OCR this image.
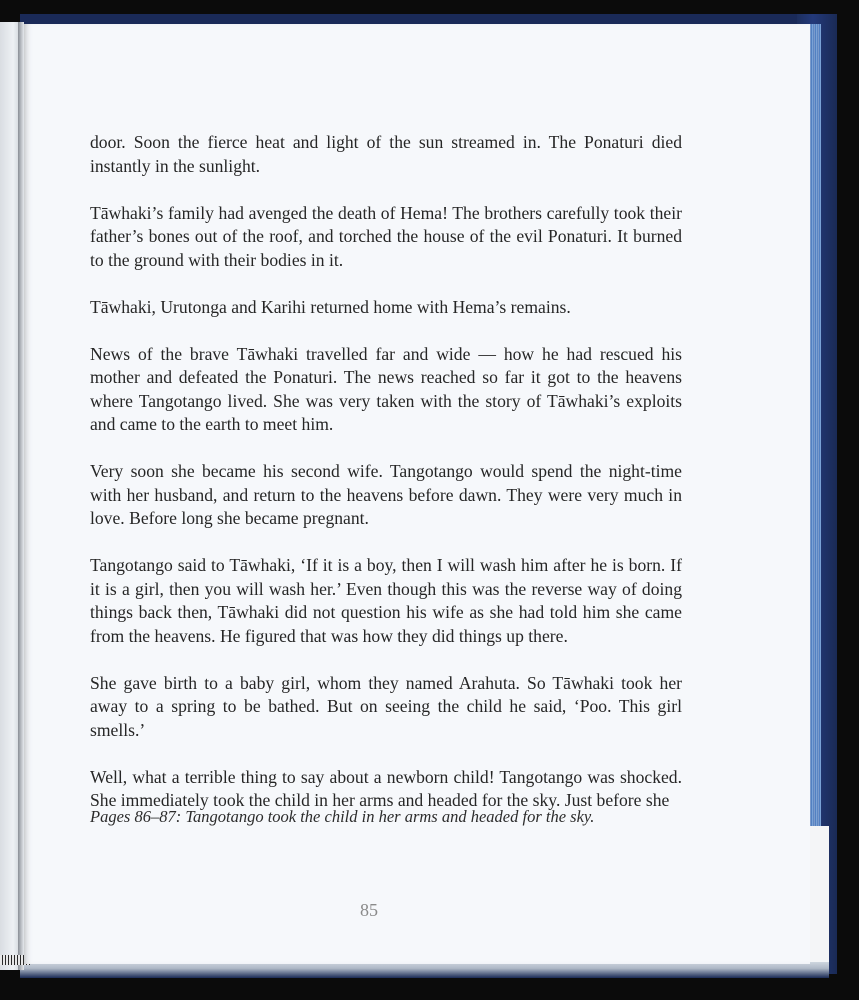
door. Soon the fierce heat and light of the sun streamed in. The Ponaturi died instantly in the sunlight.

Tāwhaki’s family had avenged the death of Hema! The brothers carefully took their father’s bones out of the roof, and torched the house of the evil Ponaturi. It burned to the ground with their bodies in it.

Tāwhaki, Urutonga and Karihi returned home with Hema’s remains.

News of the brave Tāwhaki travelled far and wide — how he had rescued his mother and defeated the Ponaturi. The news reached so far it got to the heavens where Tangotango lived. She was very taken with the story of Tāwhaki’s exploits and came to the earth to meet him.

Very soon she became his second wife. Tangotango would spend the night-time with her husband, and return to the heavens before dawn. They were very much in love. Before long she became pregnant.

Tangotango said to Tāwhaki, ‘If it is a boy, then I will wash him after he is born. If it is a girl, then you will wash her.’ Even though this was the reverse way of doing things back then, Tāwhaki did not question his wife as she had told him she came from the heavens. He figured that was how they did things up there.

She gave birth to a baby girl, whom they named Arahuta. So Tāwhaki took her away to a spring to be bathed. But on seeing the child he said, ‘Poo. This girl smells.’

Well, what a terrible thing to say about a newborn child! Tangotango was shocked. She immediately took the child in her arms and headed for the sky. Just before she

Pages 86–87: Tangotango took the child in her arms and headed for the sky.
85
